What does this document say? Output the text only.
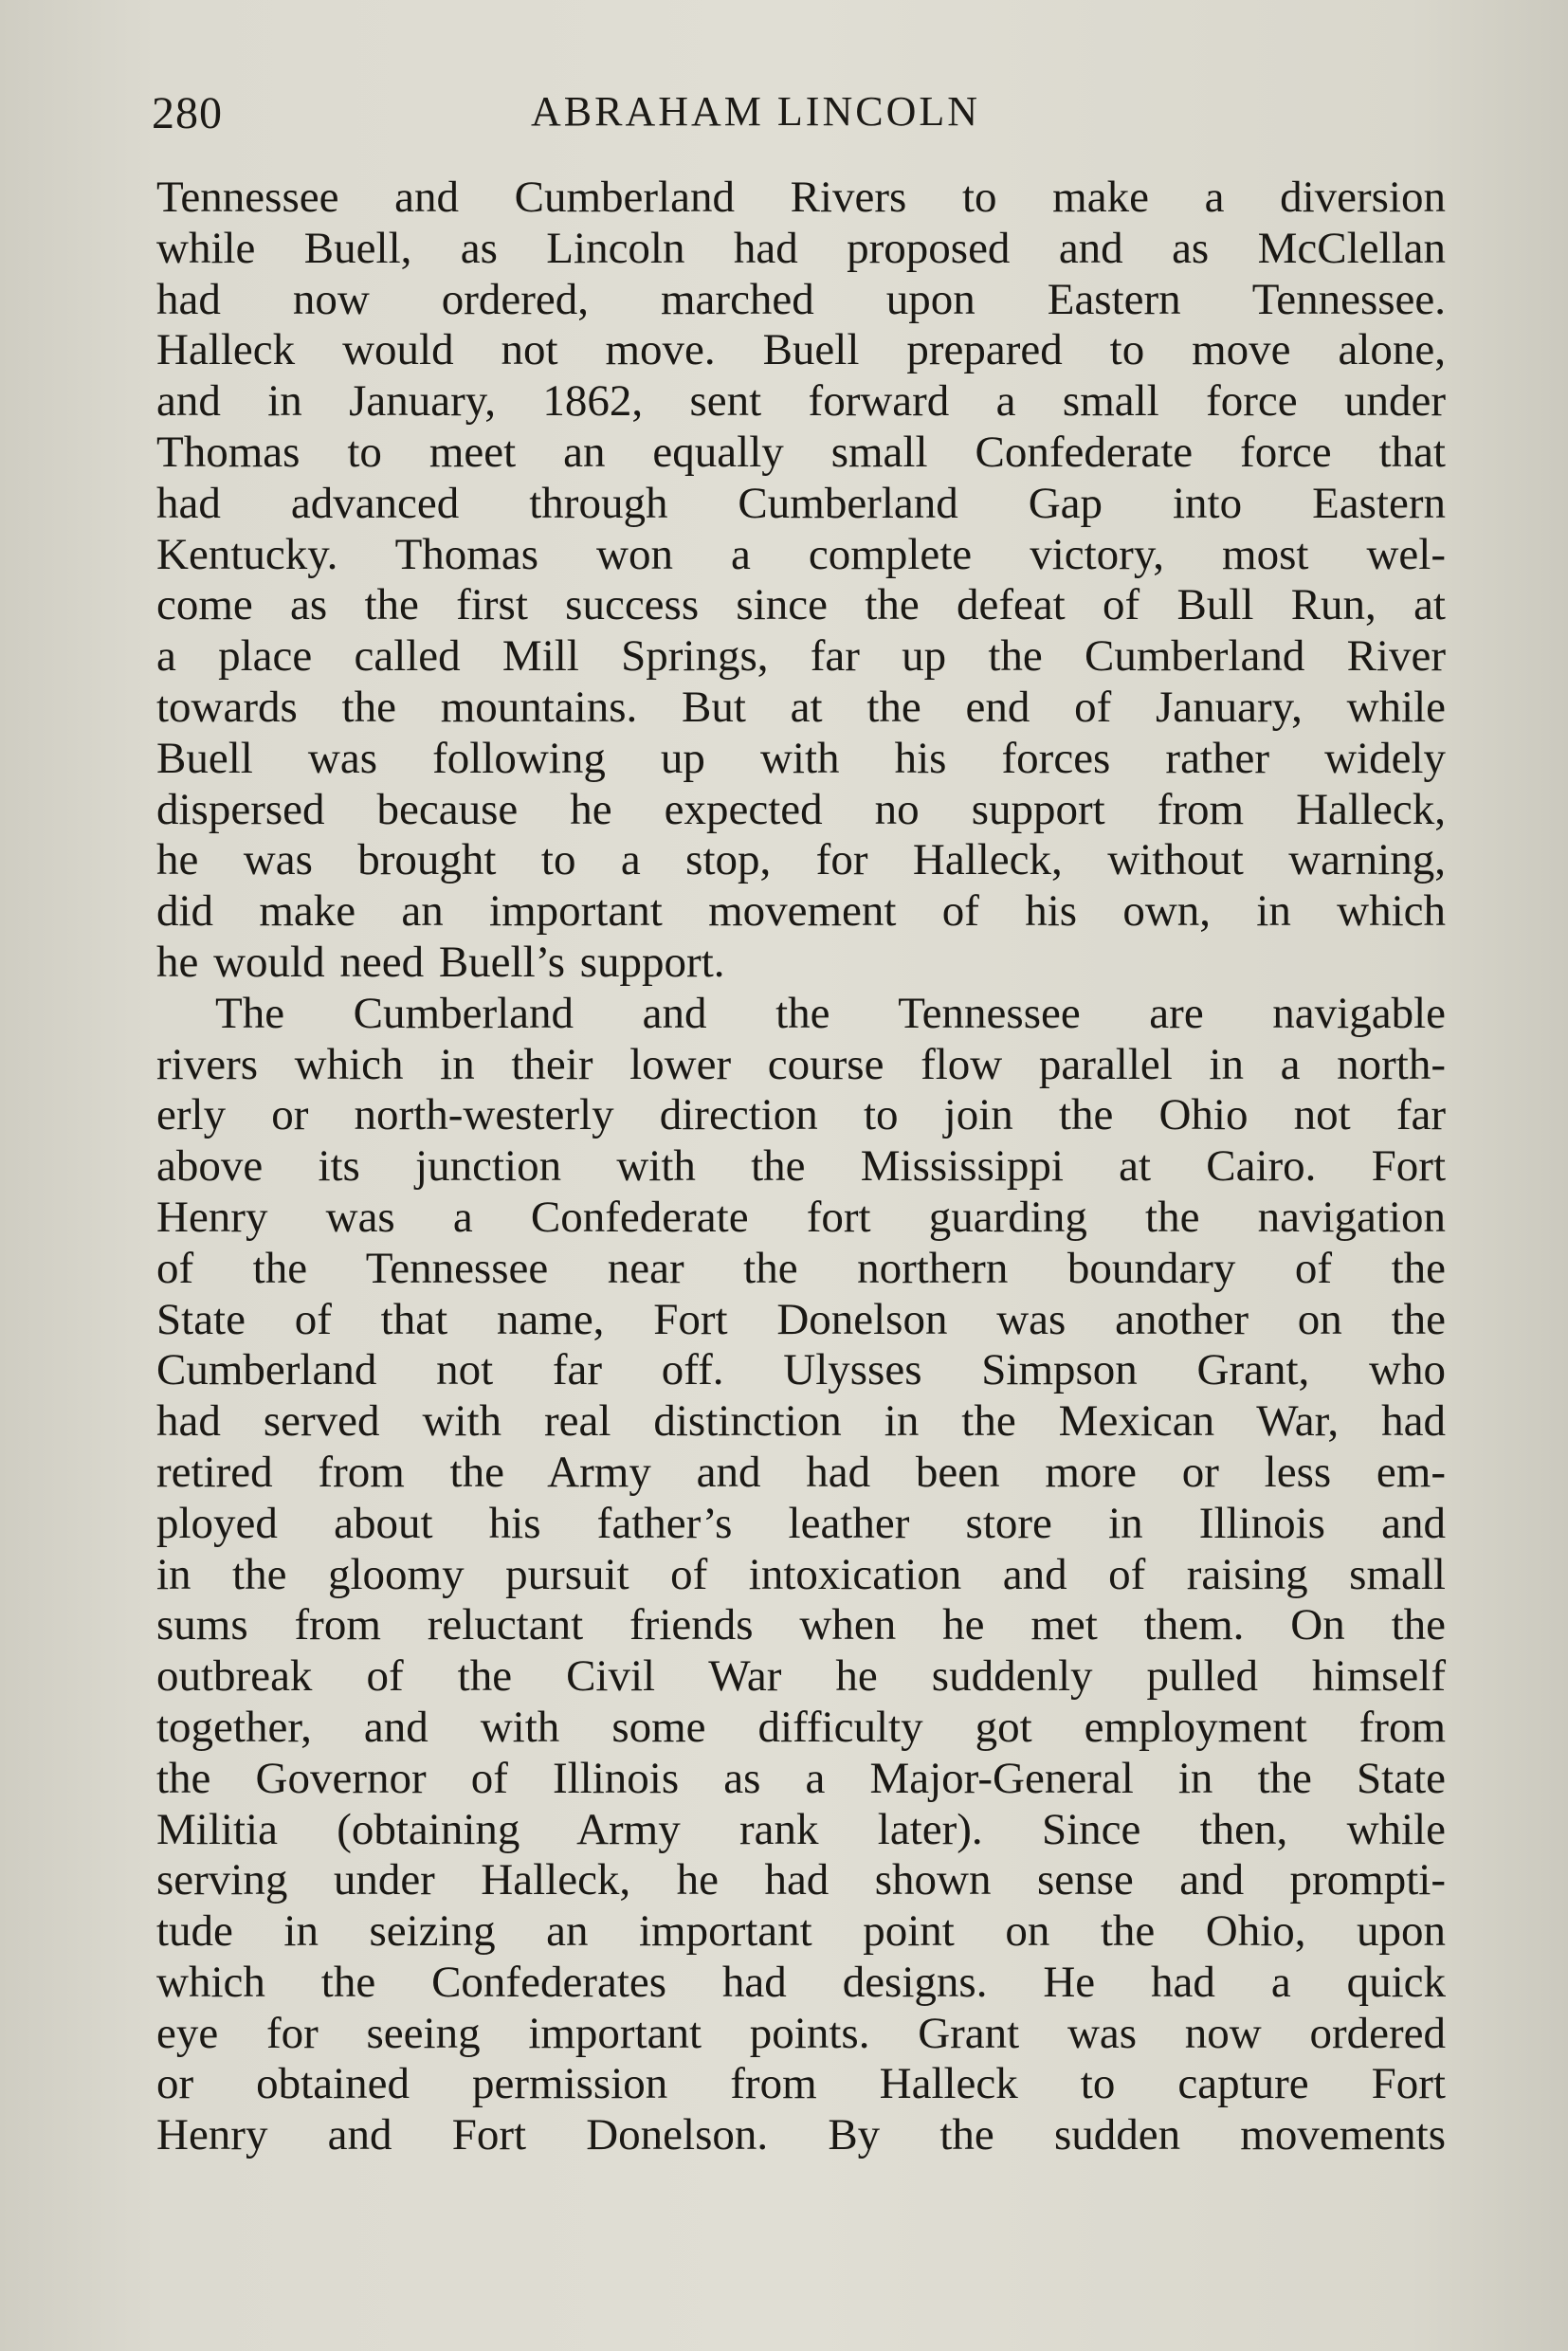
280	ABRAHAM LINCOLN
Tennessee and Cumberland Rivers to make a diversion
while Buell, as Lincoln had proposed and as McClellan
had now ordered, marched upon Eastern Tennessee.
Halleck would not move. Buell prepared to move alone,
and in January, 1862, sent forward a small force under
Thomas to meet an equally small Confederate force that
had advanced through Cumberland Gap into Eastern
Kentucky. Thomas won a complete victory, most wel-
come as the first success since the defeat of Bull Run, at
a place called Mill Springs, far up the Cumberland River
towards the mountains. But at the end of January, while
Buell was following up with his forces rather widely
dispersed because he expected no support from Halleck,
he was brought to a stop, for Halleck, without warning,
did make an important movement of his own, in which
he would need Buell’s support.
The Cumberland and the Tennessee are navigable
rivers which in their lower course flow parallel in a north-
erly or north-westerly direction to join the Ohio not far
above its junction with the Mississippi at Cairo. Fort
Henry was a Confederate fort guarding the navigation
of the Tennessee near the northern boundary of the
State of that name, Fort Donelson was another on the
Cumberland not far off. Ulysses Simpson Grant, who
had served with real distinction in the Mexican War, had
retired from the Army and had been more or less em-
ployed about his father’s leather store in Illinois and
in the gloomy pursuit of intoxication and of raising small
sums from reluctant friends when he met them. On the
outbreak of the Civil War he suddenly pulled himself
together, and with some difficulty got employment from
the Governor of Illinois as a Major-General in the State
Militia (obtaining Army rank later). Since then, while
serving under Halleck, he had shown sense and prompti-
tude in seizing an important point on the Ohio, upon
which the Confederates had designs. He had a quick
eye for seeing important points. Grant was now ordered
or obtained permission from Halleck to capture Fort
Henry and Fort Donelson. By the sudden movements
